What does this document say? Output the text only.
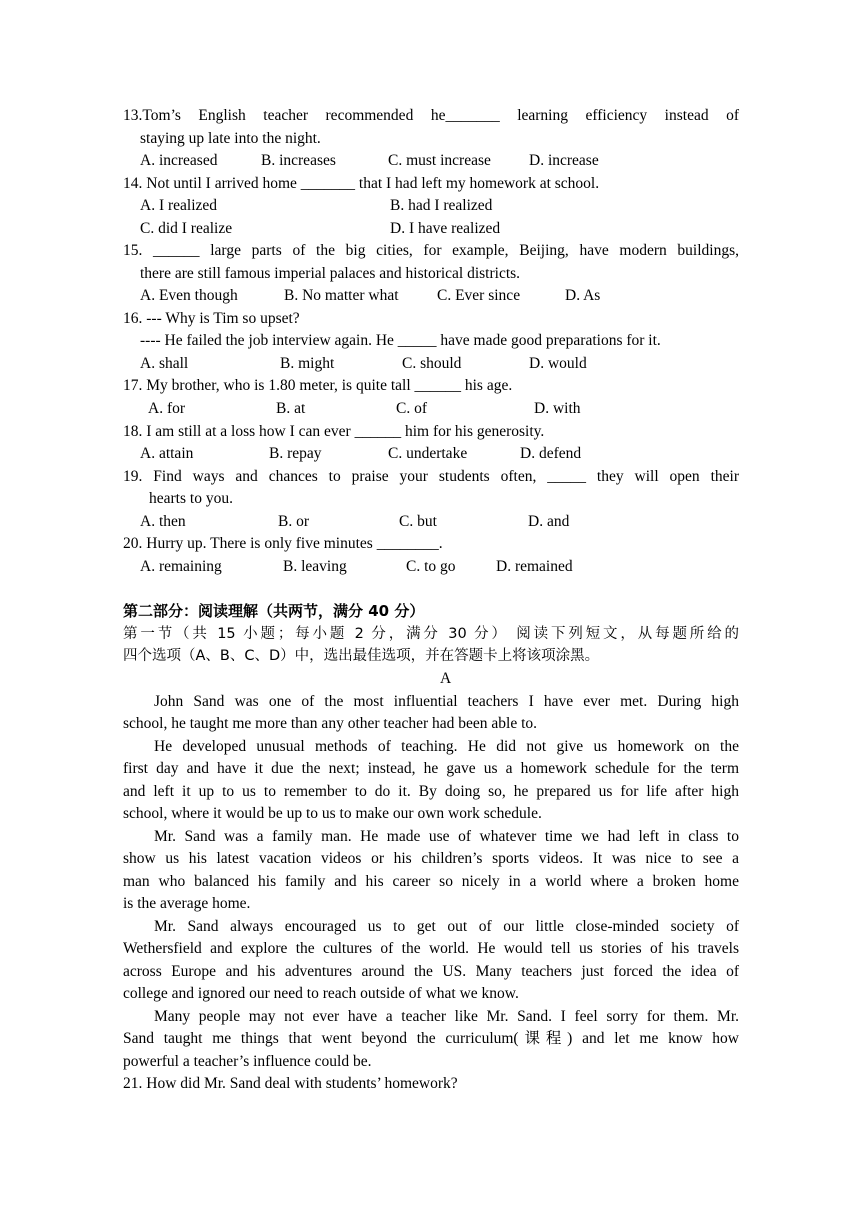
13.Tom’s English teacher recommended he_______ learning efficiency instead of
staying up late into the night.
A. increased	B. increases	C. must increase D. increase
14. Not until I arrived home _______ that I had left my homework at school.
A. I realized	B. had I realized
C. did I realize	D. I have realized
15. ______ large parts of the big cities, for example, Beijing, have modern buildings,
there are still famous imperial palaces and historical districts.
A. Even though	B. No matter what C. Ever since	D. As
16. --- Why is Tim so upset?
---- He failed the job interview again. He _____ have made good preparations for it.
A. shall	B. might	C. should	D. would
17. My brother, who is 1.80 meter, is quite tall ______ his age.
A. for	B. at	C. of	D. with
18. I am still at a loss how I can ever ______ him for his generosity.
A. attain	B. repay	C. undertake	D. defend
19. Find ways and chances to praise your students often, _____ they will open their
hearts to you.
A. then	B. or	C. but	D. and
20. Hurry up. There is only five minutes ________.
A. remaining	B. leaving	C. to go	D. remained
第二部分：阅读理解（共两节，满分 40 分）
第一节（共 15 小题；每小题 2 分，满分 30 分） 阅读下列短文，从每题所给的
四个选项（A、B、C、D）中，选出最佳选项，并在答题卡上将该项涂黑。
A
John Sand was one of the most influential teachers I have ever met. During high
school, he taught me more than any other teacher had been able to.
He developed unusual methods of teaching. He did not give us homework on the
first day and have it due the next; instead, he gave us a homework schedule for the term
and left it up to us to remember to do it. By doing so, he prepared us for life after high
school, where it would be up to us to make our own work schedule.
Mr. Sand was a family man. He made use of whatever time we had left in class to
show us his latest vacation videos or his children’s sports videos. It was nice to see a
man who balanced his family and his career so nicely in a world where a broken home
is the average home.
Mr. Sand always encouraged us to get out of our little close-minded society of
Wethersfield and explore the cultures of the world. He would tell us stories of his travels
across Europe and his adventures around the US. Many teachers just forced the idea of
college and ignored our need to reach outside of what we know.
Many people may not ever have a teacher like Mr. Sand. I feel sorry for them. Mr.
Sand taught me things that went beyond the curriculum(课程) and let me know how
powerful a teacher’s influence could be.
21. How did Mr. Sand deal with students’ homework?
